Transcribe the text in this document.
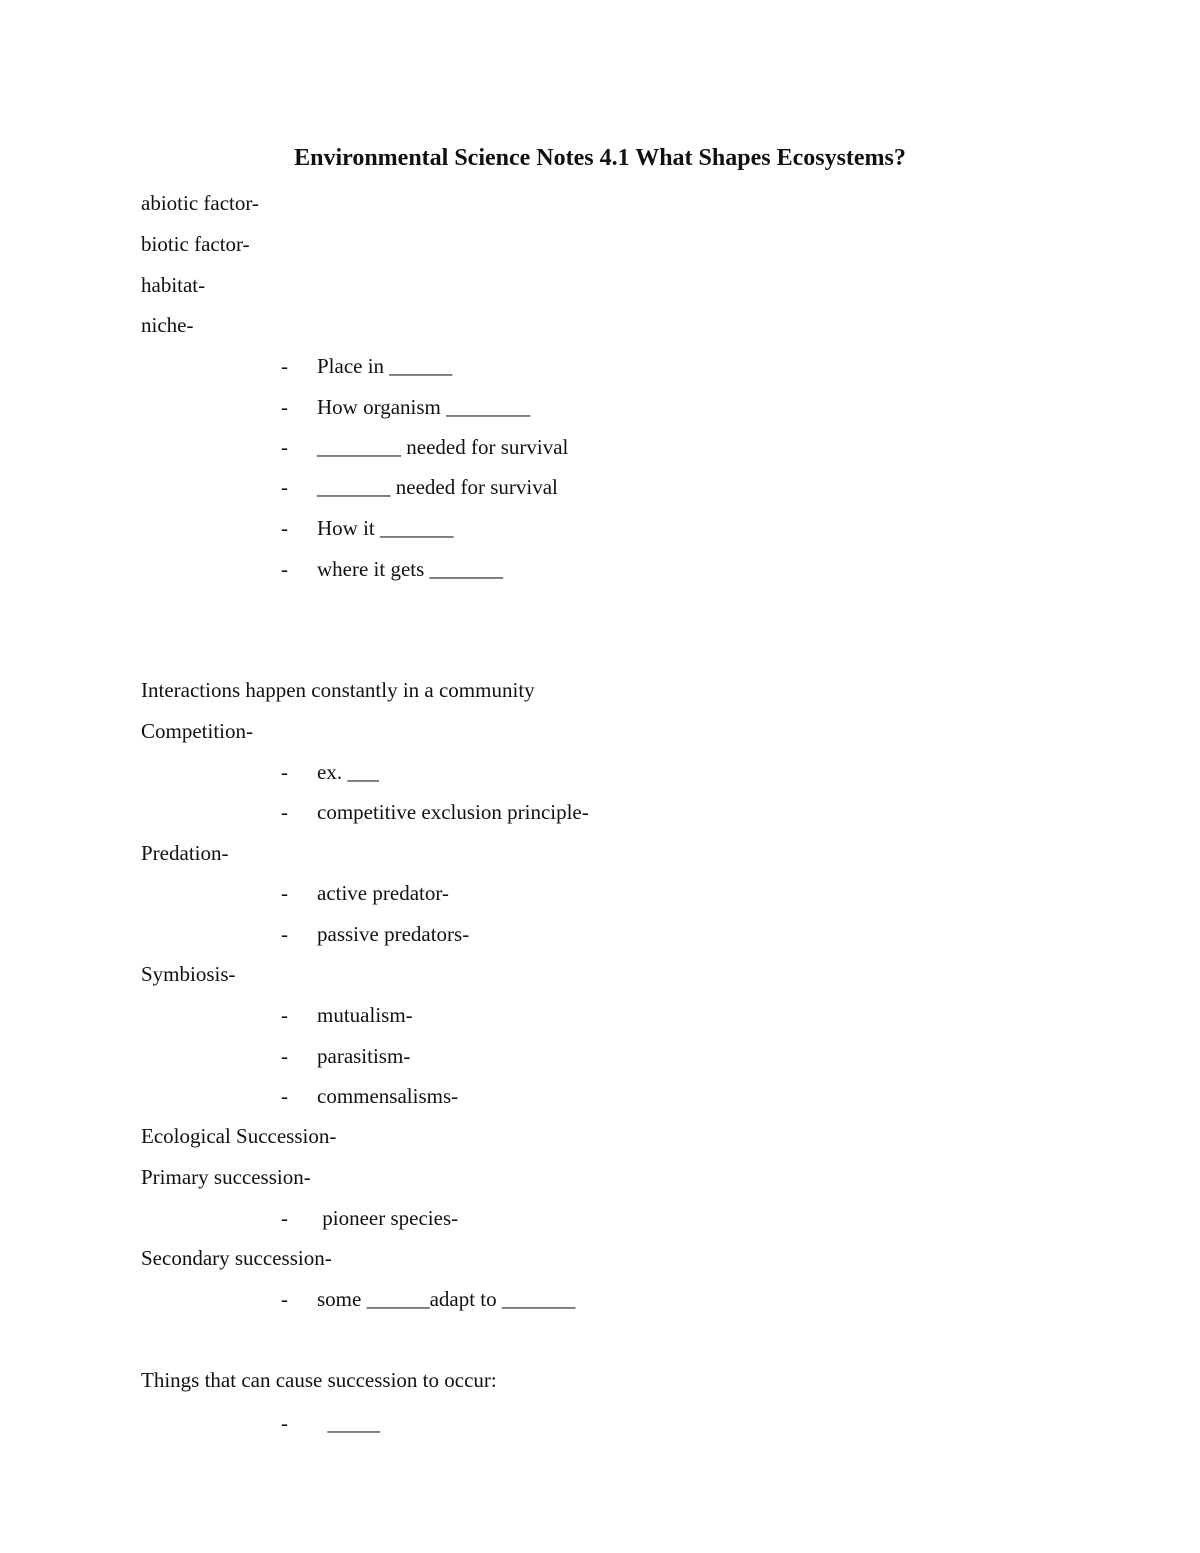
Environmental Science Notes 4.1 What Shapes Ecosystems?
abiotic factor-
biotic factor-
habitat-
niche-
- Place in ______
- How organism ________
- ________ needed for survival
- _______ needed for survival
- How it _______
- where it gets _______
Interactions happen constantly in a community
Competition-
- ex. ___
- competitive exclusion principle-
Predation-
- active predator-
- passive predators-
Symbiosis-
- mutualism-
- parasitism-
- commensalisms-
Ecological Succession-
Primary succession-
- pioneer species-
Secondary succession-
- some ______adapt to _______
Things that can cause succession to occur:
- _____
